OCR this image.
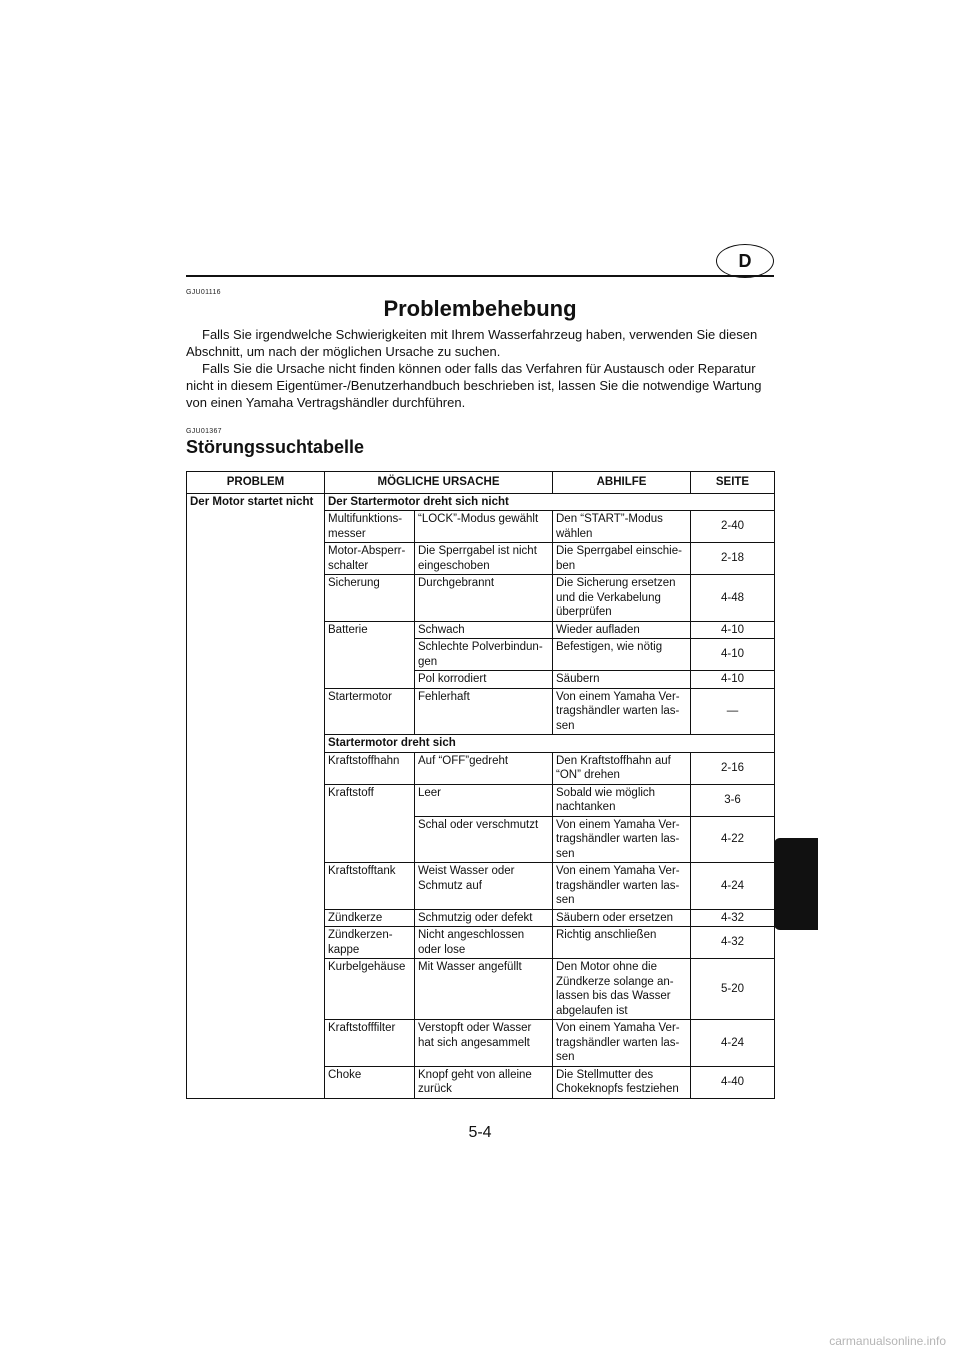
D
GJU01116
Problembehebung

Falls Sie irgendwelche Schwierigkeiten mit Ihrem Wasserfahrzeug haben, verwenden Sie diesen Abschnitt, um nach der möglichen Ursache zu suchen.

Falls Sie die Ursache nicht finden können oder falls das Verfahren für Austausch oder Reparatur nicht in diesem Eigentümer-/Benutzerhandbuch beschrieben ist, lassen Sie die notwendige Wartung von einen Yamaha Vertragshändler durchführen.

GJU01367
Störungssuchtabelle
PROBLEM	MÖGLICHE URSACHE		ABHILFE	SEITE
Der Motor startet nicht	Der Startermotor dreht sich nicht			
	Multifunktions-
messer	“LOCK”-Modus gewählt	Den “START”-Modus wählen	2-40
	Motor-Absperr-
schalter	Die Sperrgabel ist nicht eingeschoben	Die Sperrgabel einschie-
ben	2-18
	Sicherung	Durchgebrannt	Die Sicherung ersetzen und die Verkabelung überprüfen	4-48
	Batterie	Schwach	Wieder aufladen	4-10
		Schlechte Polverbindun-
gen	Befestigen, wie nötig	4-10
		Pol korrodiert	Säubern	4-10
	Startermotor	Fehlerhaft	Von einem Yamaha Ver-
tragshändler warten las-
sen	—
	Startermotor dreht sich			
	Kraftstoffhahn	Auf “OFF”gedreht	Den Kraftstoffhahn auf “ON” drehen	2-16
	Kraftstoff	Leer	Sobald wie möglich nachtanken	3-6
		Schal oder verschmutzt	Von einem Yamaha Ver-
tragshändler warten las-
sen	4-22
	Kraftstofftank	Weist Wasser oder Schmutz auf	Von einem Yamaha Ver-
tragshändler warten las-
sen	4-24
	Zündkerze	Schmutzig oder defekt	Säubern oder ersetzen	4-32
	Zündkerzen-
kappe	Nicht angeschlossen oder lose	Richtig anschließen	4-32
	Kurbelgehäuse	Mit Wasser angefüllt	Den Motor ohne die Zündkerze solange an-
lassen bis das Wasser abgelaufen ist	5-20
	Kraftstofffilter	Verstopft oder Wasser hat sich angesammelt	Von einem Yamaha Ver-
tragshändler warten las-
sen	4-24
	Choke	Knopf geht von alleine zurück	Die Stellmutter des Chokeknopfs festziehen	4-40
5-4
carmanualsonline.info
